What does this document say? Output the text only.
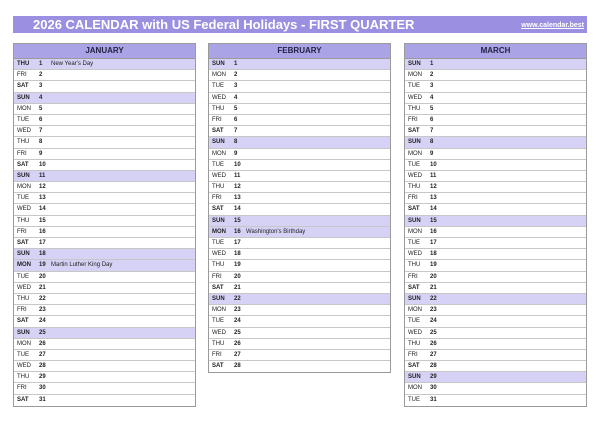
2026 CALENDAR with US Federal Holidays - FIRST QUARTER	www.calendar.best
JANUARY
THU	1	New Year's Day
FRI	2
SAT	3
SUN	4
MON	5
TUE	6
WED	7
THU	8
FRI	9
SAT	10
SUN	11
MON	12
TUE	13
WED	14
THU	15
FRI	16
SAT	17
SUN	18
MON	19 Martin Luther King Day
TUE	20
WED	21
THU	22
FRI	23
SAT	24
SUN	25
MON	26
TUE	27
WED	28
THU	29
FRI	30
SAT	31
FEBRUARY
SUN	1
MON	2
TUE	3
WED	4
THU	5
FRI	6
SAT	7
SUN	8
MON	9
TUE	10
WED	11
THU	12
FRI	13
SAT	14
SUN	15
MON	16 Washington's Birthday
TUE	17
WED	18
THU	19
FRI	20
SAT	21
SUN	22
MON	23
TUE	24
WED	25
THU	26
FRI	27
SAT	28
MARCH
SUN	1
MON	2
TUE	3
WED	4
THU	5
FRI	6
SAT	7
SUN	8
MON	9
TUE	10
WED	11
THU	12
FRI	13
SAT	14
SUN	15
MON	16
TUE	17
WED	18
THU	19
FRI	20
SAT	21
SUN	22
MON	23
TUE	24
WED	25
THU	26
FRI	27
SAT	28
SUN	29
MON	30
TUE	31
